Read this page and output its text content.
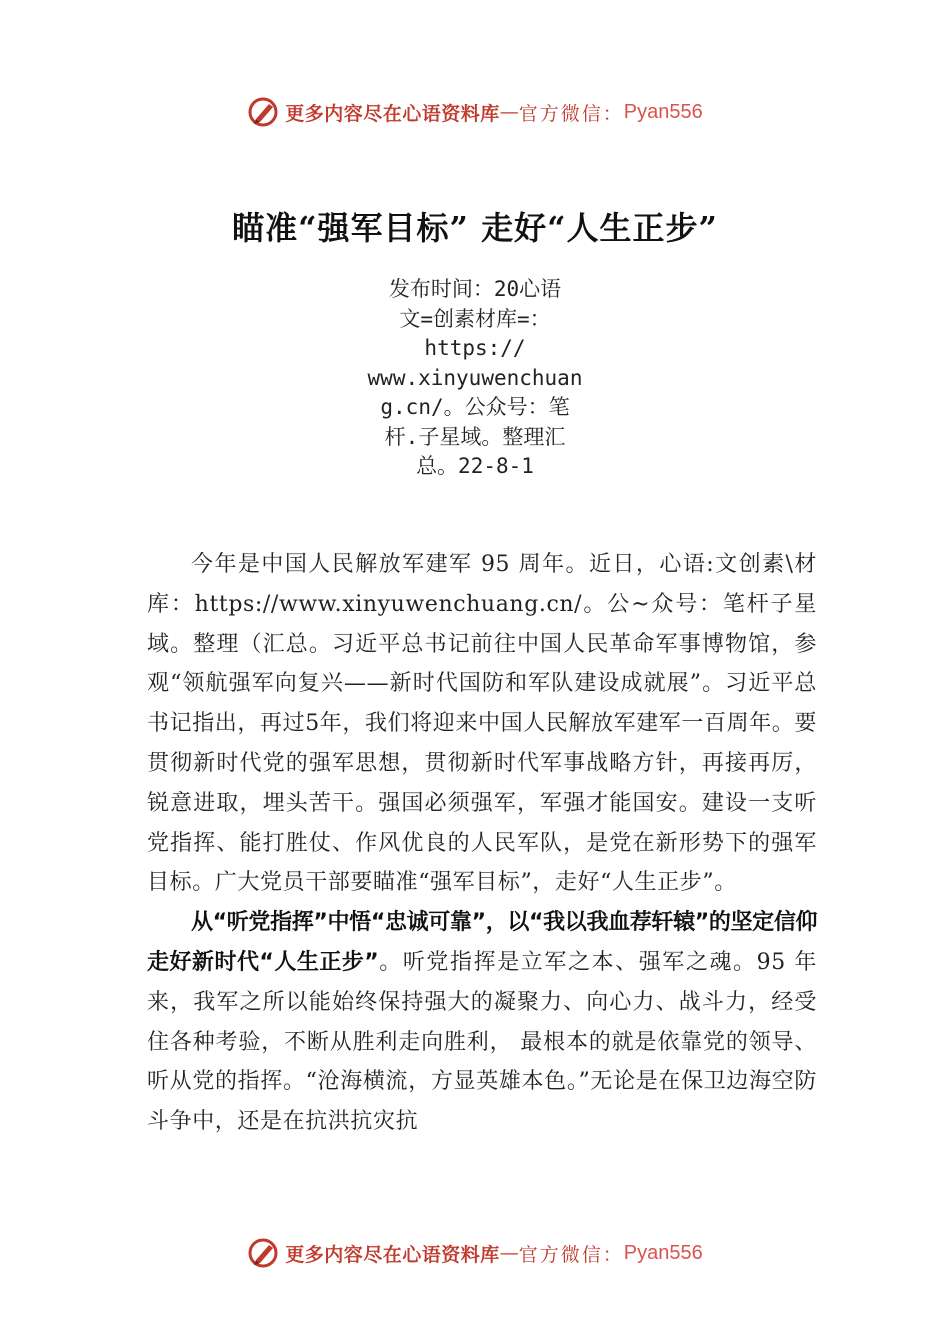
更多内容尽在心语资料库 — 官方微信： Pyan556
瞄准“强军目标” 走好“人生正步”
发布时间：20心语
文=创素材库=：
https://
www.xinyuwenchuan
g.cn/。公众号：笔
杆.子星域。整理汇
总。22-8-1

今年是中国人民解放军建军 95 周年。近日，心语:文创素\材库：https://www.xinyuwenchuang.cn/。公~众号：笔杆子星域。整理（汇总。习近平总书记前往中国人民革命军事博物馆，参观“领航强军向复兴——新时代国防和军队建设成就展”。习近平总书记指出，再过5年，我们将迎来中国人民解放军建军一百周年。要贯彻新时代党的强军思想，贯彻新时代军事战略方针，再接再厉， 锐意进取，埋头苦干。强国必须强军，军强才能国安。建设一支听党指挥、能打胜仗、作风优良的人民军队，是党在新形势下的强军目标。广大党员干部要瞄准“强军目标”，走好“人生正步”。

从“听党指挥”中悟“忠诚可靠”，以“我以我血荐轩辕”的坚定信仰走好新时代“人生正步”。听党指挥是立军之本、强军之魂。95 年来，我军之所以能始终保持强大的凝聚力、向心力、战斗力，经受住各种考验，不断从胜利走向胜利， 最根本的就是依靠党的领导、听从党的指挥。“沧海横流，方显英雄本色。”无论是在保卫边海空防斗争中，还是在抗洪抗灾抗

更多内容尽在心语资料库 — 官方微信： Pyan556
